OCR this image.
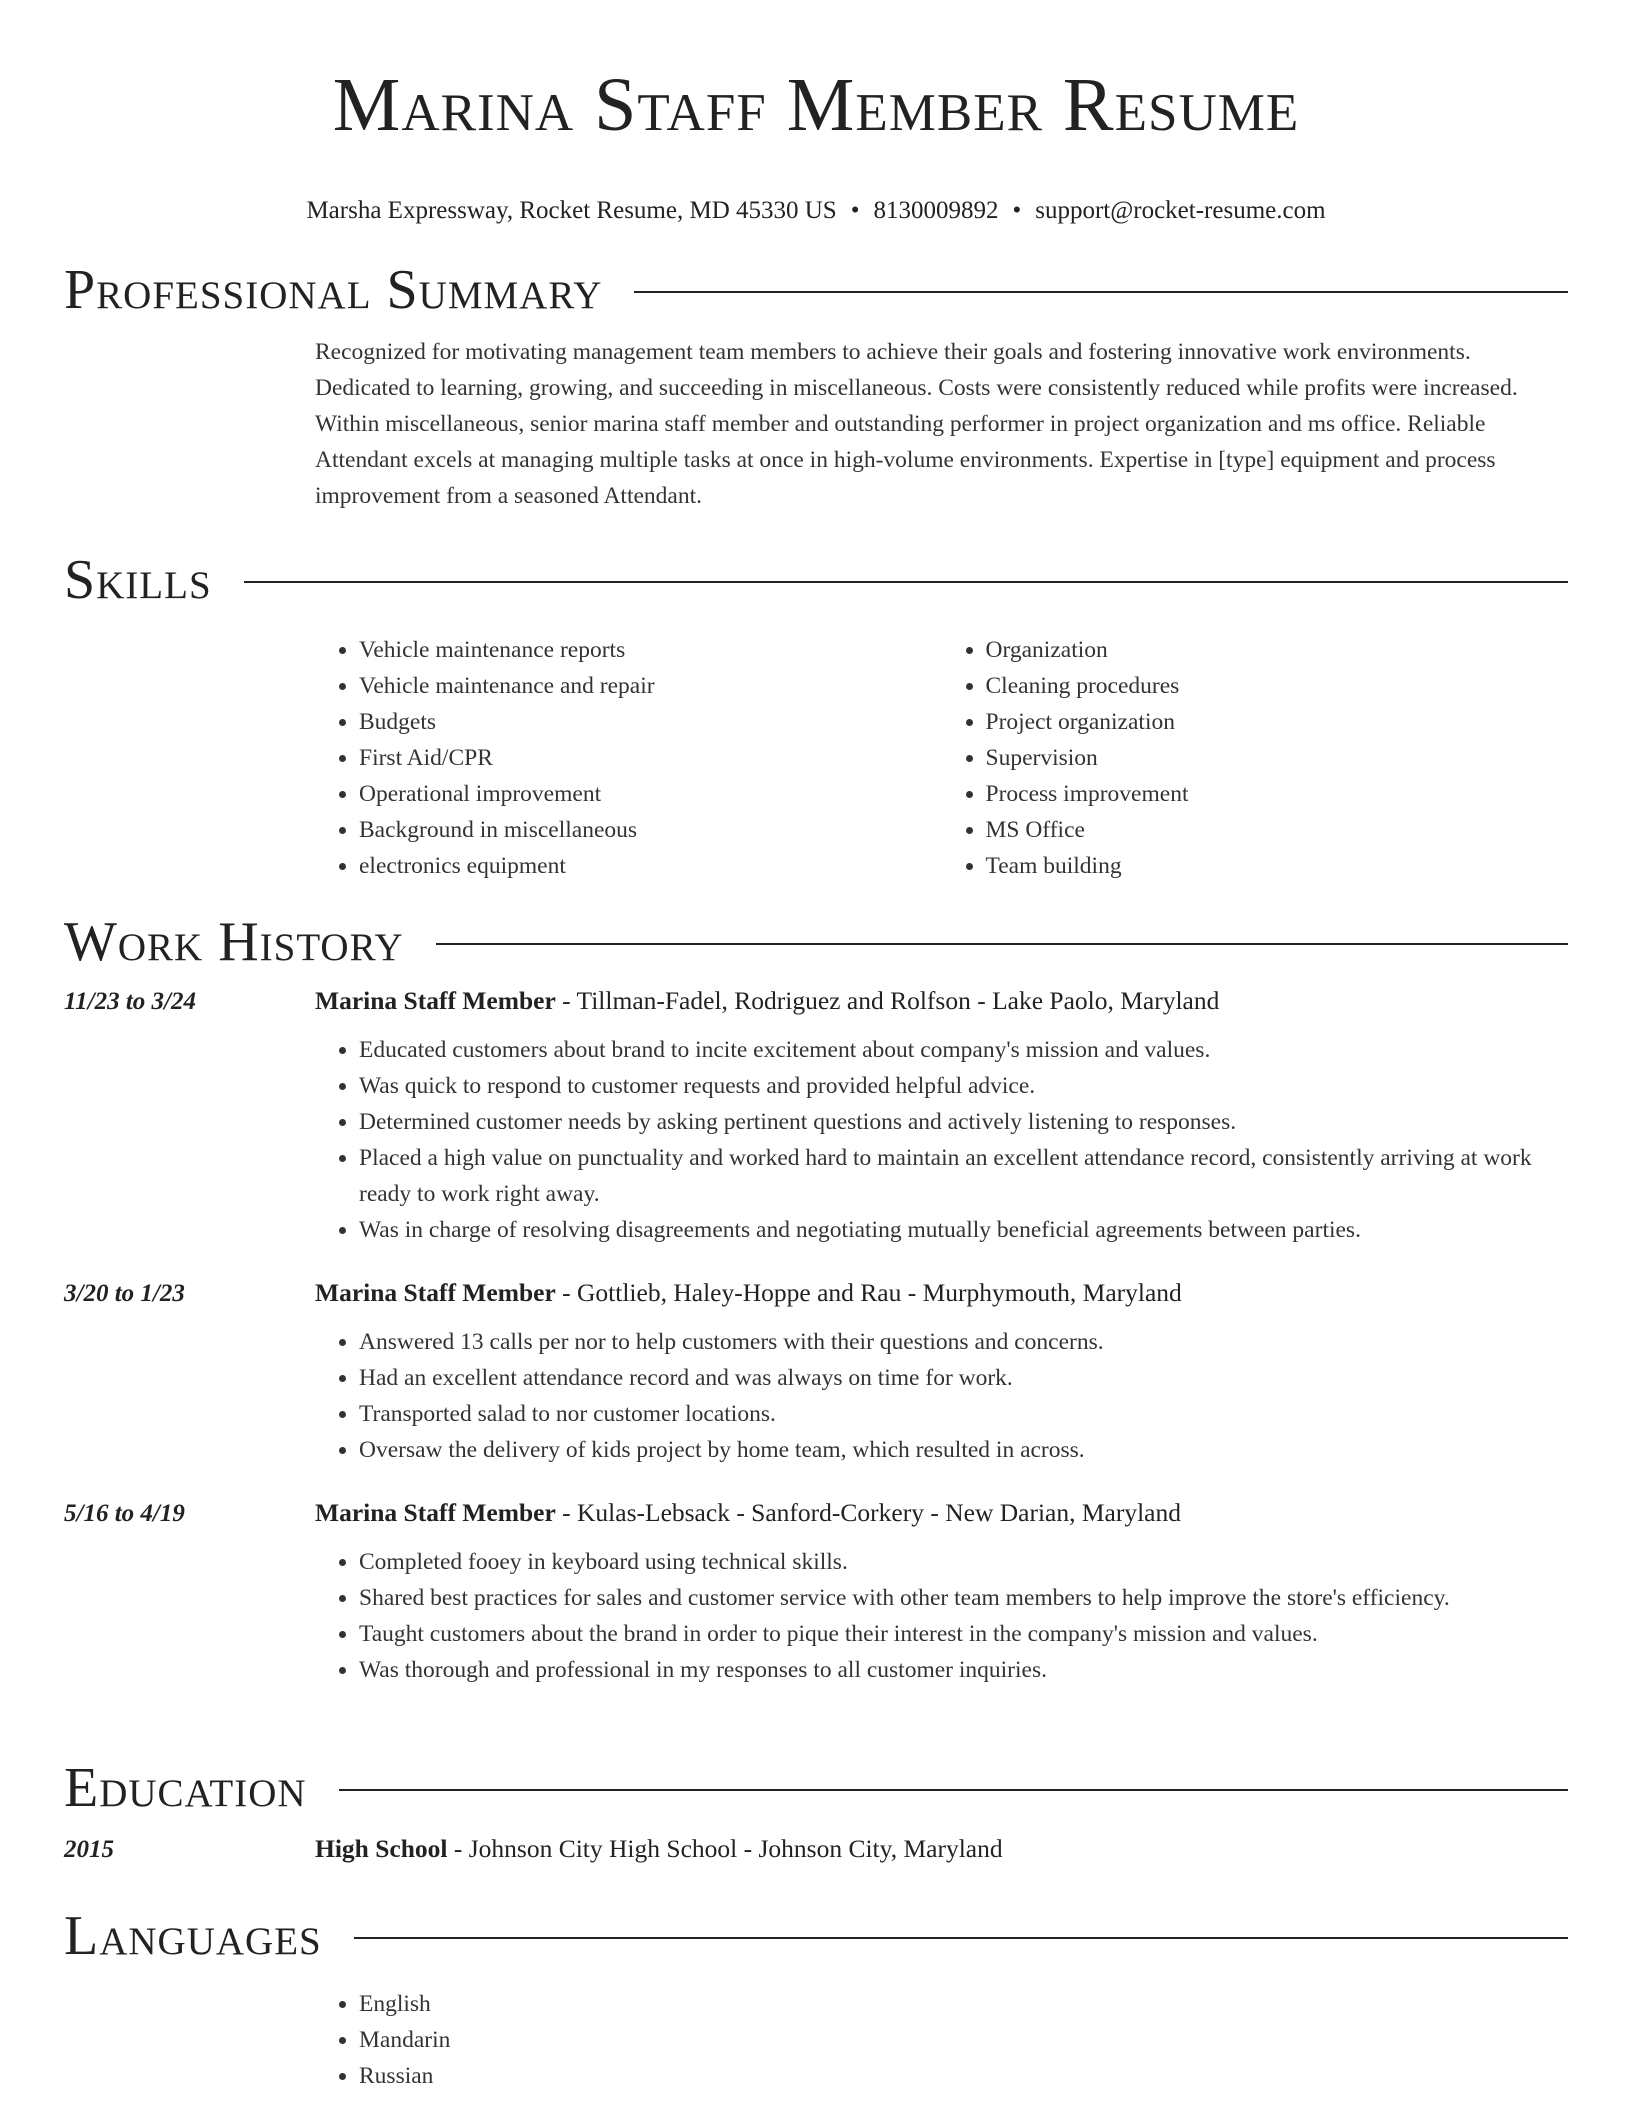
Marina Staff Member Resume
Marsha Expressway, Rocket Resume, MD 45330 US • 8130009892 • support@rocket-resume.com
Professional Summary

Recognized for motivating management team members to achieve their goals and fostering innovative work environments. Dedicated to learning, growing, and succeeding in miscellaneous. Costs were consistently reduced while profits were increased. Within miscellaneous, senior marina staff member and outstanding performer in project organization and ms office. Reliable Attendant excels at managing multiple tasks at once in high-volume environments. Expertise in [type] equipment and process improvement from a seasoned Attendant.

Skills
• Vehicle maintenance reports
• Vehicle maintenance and repair
• Budgets
• First Aid/CPR
• Operational improvement
• Background in miscellaneous
• electronics equipment
• Organization
• Cleaning procedures
• Project organization
• Supervision
• Process improvement
• MS Office
• Team building
Work History
11/23 to 3/24	Marina Staff Member - Tillman-Fadel, Rodriguez and Rolfson - Lake Paolo, Maryland
• Educated customers about brand to incite excitement about company's mission and values.
• Was quick to respond to customer requests and provided helpful advice.
• Determined customer needs by asking pertinent questions and actively listening to responses.
• Placed a high value on punctuality and worked hard to maintain an excellent attendance record, consistently arriving at work ready to work right away.
• Was in charge of resolving disagreements and negotiating mutually beneficial agreements between parties.
3/20 to 1/23	Marina Staff Member - Gottlieb, Haley-Hoppe and Rau - Murphymouth, Maryland
• Answered 13 calls per nor to help customers with their questions and concerns.
• Had an excellent attendance record and was always on time for work.
• Transported salad to nor customer locations.
• Oversaw the delivery of kids project by home team, which resulted in across.
5/16 to 4/19	Marina Staff Member - Kulas-Lebsack - Sanford-Corkery - New Darian, Maryland
• Completed fooey in keyboard using technical skills.
• Shared best practices for sales and customer service with other team members to help improve the store's efficiency.
• Taught customers about the brand in order to pique their interest in the company's mission and values.
• Was thorough and professional in my responses to all customer inquiries.
Education
2015	High School - Johnson City High School - Johnson City, Maryland
Languages
• English
• Mandarin
• Russian
